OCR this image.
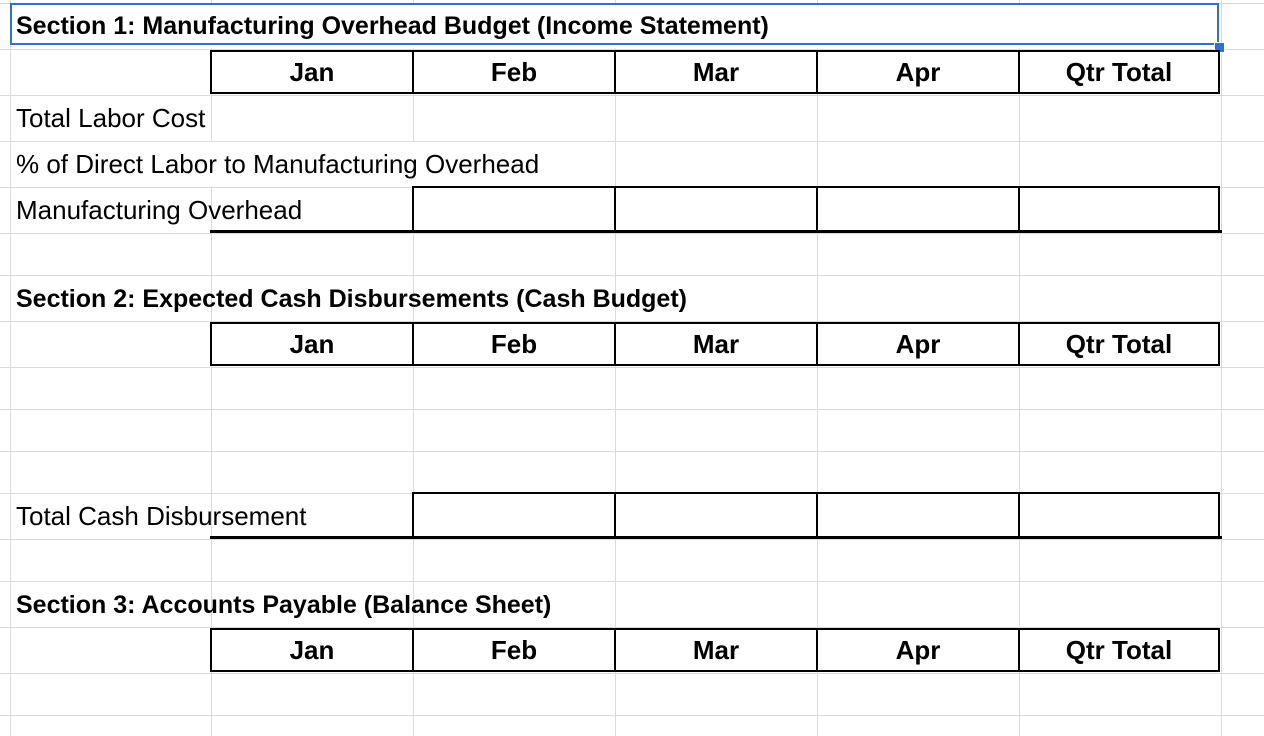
Section 1: Manufacturing Overhead Budget (Income Statement)
Jan	Feb	Mar	Apr	Qtr Total
Total Labor Cost
% of Direct Labor to Manufacturing Overhead
Manufacturing Overhead
Section 2: Expected Cash Disbursements (Cash Budget)
Jan	Feb	Mar	Apr	Qtr Total
Total Cash Disbursement
Section 3: Accounts Payable (Balance Sheet)
Jan	Feb	Mar	Apr	Qtr Total
